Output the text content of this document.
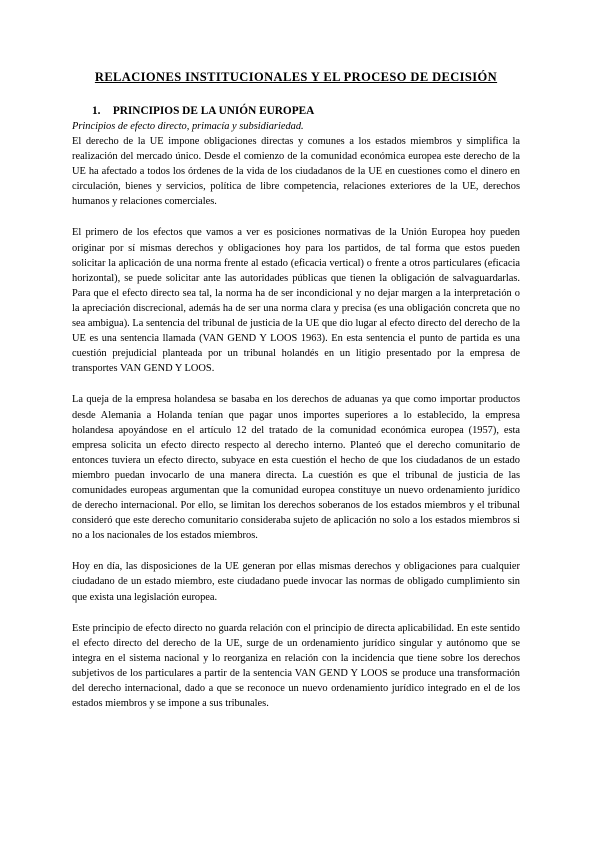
RELACIONES INSTITUCIONALES Y EL PROCESO DE DECISIÓN
1. PRINCIPIOS DE LA UNIÓN EUROPEA
Principios de efecto directo, primacía y subsidiariedad.

El derecho de la UE impone obligaciones directas y comunes a los estados miembros y simplifica la realización del mercado único. Desde el comienzo de la comunidad económica europea este derecho de la UE ha afectado a todos los órdenes de la vida de los ciudadanos de la UE en cuestiones como el dinero en circulación, bienes y servicios, política de libre competencia, relaciones exteriores de la UE, derechos humanos y relaciones comerciales.

El primero de los efectos que vamos a ver es posiciones normativas de la Unión Europea hoy pueden originar por sí mismas derechos y obligaciones hoy para los partidos, de tal forma que estos pueden solicitar la aplicación de una norma frente al estado (eficacia vertical) o frente a otros particulares (eficacia horizontal), se puede solicitar ante las autoridades públicas que tienen la obligación de salvaguardarlas. Para que el efecto directo sea tal, la norma ha de ser incondicional y no dejar margen a la interpretación o la apreciación discrecional, además ha de ser una norma clara y precisa (es una obligación concreta que no sea ambigua). La sentencia del tribunal de justicia de la UE que dio lugar al efecto directo del derecho de la UE es una sentencia llamada (VAN GEND Y LOOS 1963). En esta sentencia el punto de partida es una cuestión prejudicial planteada por un tribunal holandés en un litigio presentado por la empresa de transportes VAN GEND Y LOOS.

La queja de la empresa holandesa se basaba en los derechos de aduanas ya que como importar productos desde Alemania a Holanda tenían que pagar unos importes superiores a lo establecido, la empresa holandesa apoyándose en el artículo 12 del tratado de la comunidad económica europea (1957), esta empresa solicita un efecto directo respecto al derecho interno. Planteó que el derecho comunitario de entonces tuviera un efecto directo, subyace en esta cuestión el hecho de que los ciudadanos de un estado miembro puedan invocarlo de una manera directa. La cuestión es que el tribunal de justicia de las comunidades europeas argumentan que la comunidad europea constituye un nuevo ordenamiento jurídico de derecho internacional. Por ello, se limitan los derechos soberanos de los estados miembros y el tribunal consideró que este derecho comunitario consideraba sujeto de aplicación no solo a los estados miembros si no a los nacionales de los estados miembros.

Hoy en día, las disposiciones de la UE generan por ellas mismas derechos y obligaciones para cualquier ciudadano de un estado miembro, este ciudadano puede invocar las normas de obligado cumplimiento sin que exista una legislación europea.

Este principio de efecto directo no guarda relación con el principio de directa aplicabilidad. En este sentido el efecto directo del derecho de la UE, surge de un ordenamiento jurídico singular y autónomo que se integra en el sistema nacional y lo reorganiza en relación con la incidencia que tiene sobre los derechos subjetivos de los particulares a partir de la sentencia VAN GEND Y LOOS se produce una transformación del derecho internacional, dado a que se reconoce un nuevo ordenamiento jurídico integrado en el de los estados miembros y se impone a sus tribunales.
